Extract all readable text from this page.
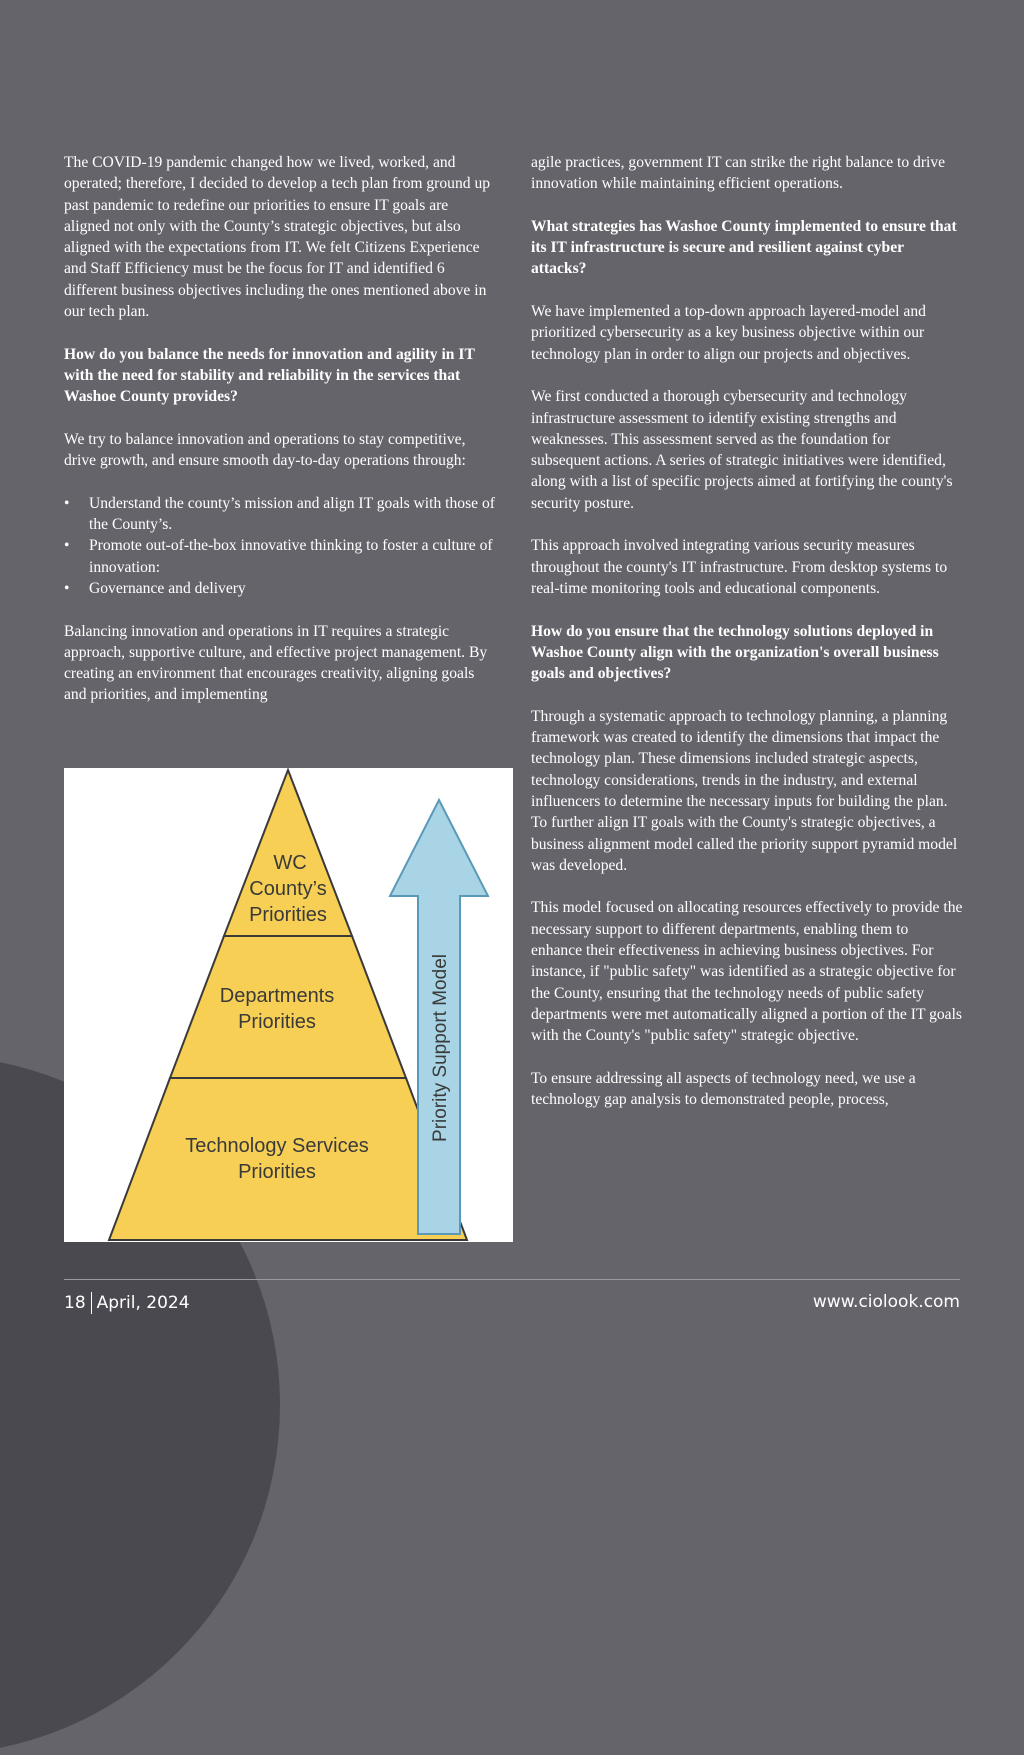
The COVID-19 pandemic changed how we lived, worked, and operated; therefore, I decided to develop a tech plan from ground up past pandemic to redefine our priorities to ensure IT goals are aligned not only with the County’s strategic objectives, but also aligned with the expectations from IT. We felt Citizens Experience and Staff Efficiency must be the focus for IT and identified 6 different business objectives including the ones mentioned above in our tech plan.

How do you balance the needs for innovation and agility in IT with the need for stability and reliability in the services that Washoe County provides?

We try to balance innovation and operations to stay competitive, drive growth, and ensure smooth day-to-day operations through:

• Understand the county’s mission and align IT goals with those of the County’s.
• Promote out-of-the-box innovative thinking to foster a culture of innovation:
• Governance and delivery

Balancing innovation and operations in IT requires a strategic approach, supportive culture, and effective project management. By creating an environment that encourages creativity, aligning goals and priorities, and implementing

agile practices, government IT can strike the right balance to drive innovation while maintaining efficient operations.

What strategies has Washoe County implemented to ensure that its IT infrastructure is secure and resilient against cyber attacks?

We have implemented a top-down approach layered-model and prioritized cybersecurity as a key business objective within our technology plan in order to align our projects and objectives.

We first conducted a thorough cybersecurity and technology infrastructure assessment to identify existing strengths and weaknesses. This assessment served as the foundation for subsequent actions. A series of strategic initiatives were identified, along with a list of specific projects aimed at fortifying the county's security posture.

This approach involved integrating various security measures throughout the county's IT infrastructure. From desktop systems to real-time monitoring tools and educational components.

How do you ensure that the technology solutions deployed in Washoe County align with the organization's overall business goals and objectives?

Through a systematic approach to technology planning, a planning framework was created to identify the dimensions that impact the technology plan. These dimensions included strategic aspects, technology considerations, trends in the industry, and external influencers to determine the necessary inputs for building the plan. To further align IT goals with the County's strategic objectives, a business alignment model called the priority support pyramid model was developed.

This model focused on allocating resources effectively to provide the necessary support to different departments, enabling them to enhance their effectiveness in achieving business objectives. For instance, if "public safety" was identified as a strategic objective for the County, ensuring that the technology needs of public safety departments were met automatically aligned a portion of the IT goals with the County's "public safety" strategic objective.

To ensure addressing all aspects of technology need, we use a technology gap analysis to demonstrated people, process,

WC
County’s
Priorities
Departments
Priorities
Technology Services
Priorities
Priority Support Model
18 April, 2024	www.ciolook.com
